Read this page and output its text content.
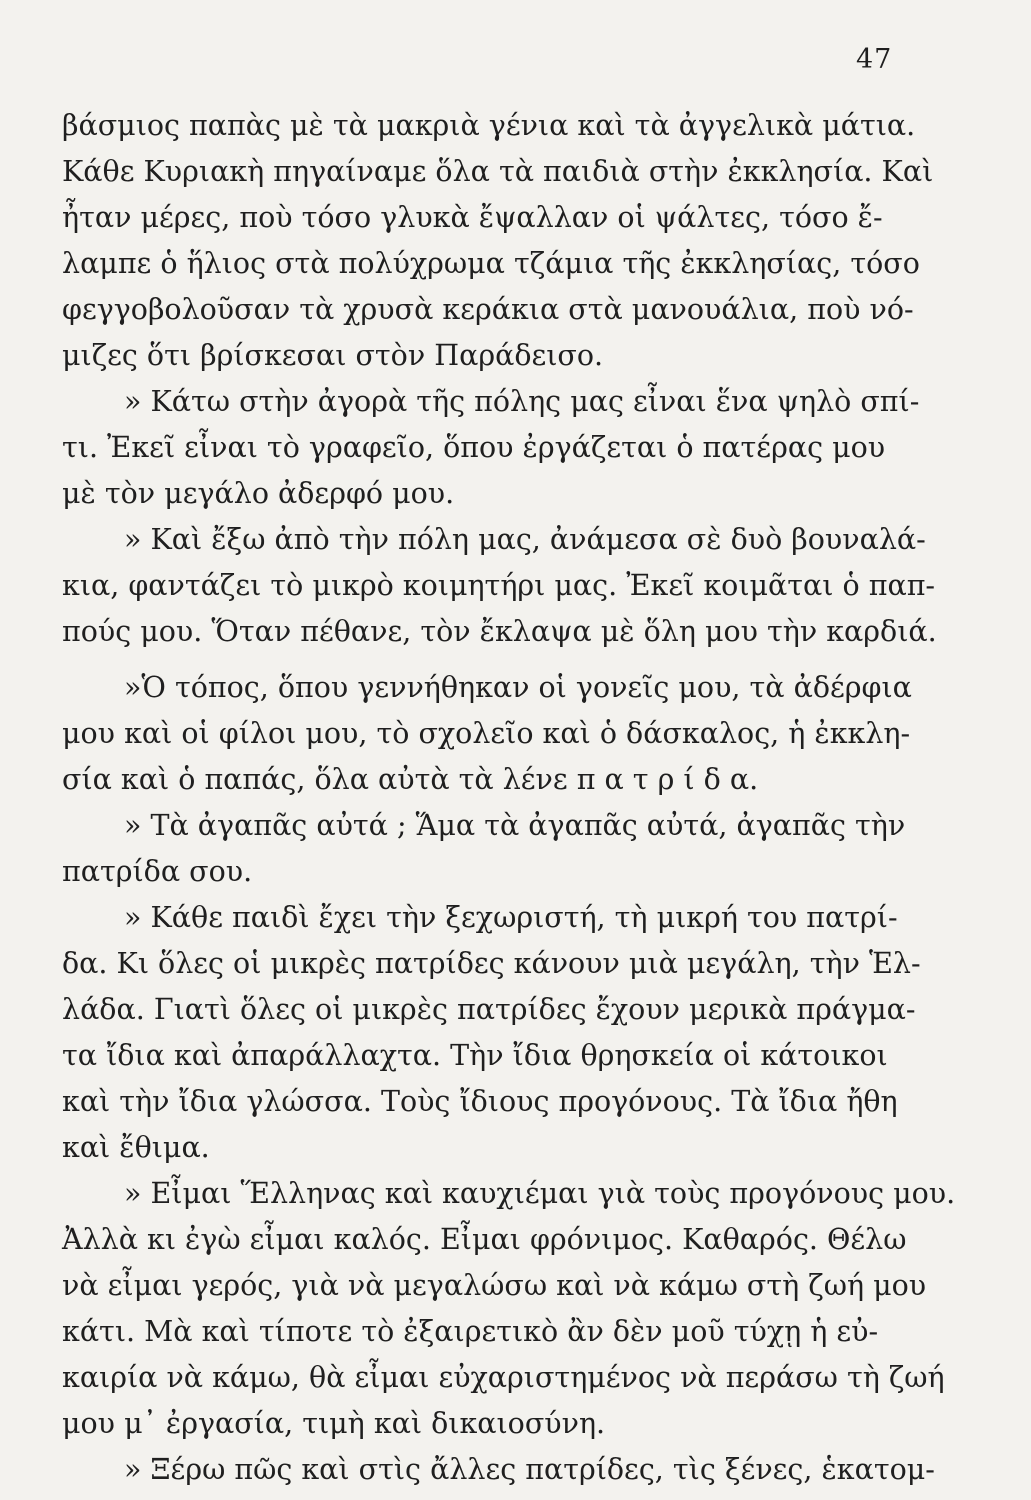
47
βάσμιος παπὰς μὲ τὰ μακριὰ γένια καὶ τὰ ἀγγελικὰ μάτια.
Κάθε Κυριακὴ πηγαίναμε ὅλα τὰ παιδιὰ στὴν ἐκκλησία. Καὶ
ἦταν μέρες, ποὺ τόσο γλυκὰ ἔψαλλαν οἱ ψάλτες, τόσο ἔ-
λαμπε ὁ ἥλιος στὰ πολύχρωμα τζάμια τῆς ἐκκλησίας, τόσο
φεγγοβολοῦσαν τὰ χρυσὰ κεράκια στὰ μανουάλια, ποὺ νό-
μιζες ὅτι βρίσκεσαι στὸν Παράδεισο.
» Κάτω στὴν ἀγορὰ τῆς πόλης μας εἶναι ἕνα ψηλὸ σπί-
τι. Ἐκεῖ εἶναι τὸ γραφεῖο, ὅπου ἐργάζεται ὁ πατέρας μου
μὲ τὸν μεγάλο ἀδερφό μου.
» Καὶ ἔξω ἀπὸ τὴν πόλη μας, ἀνάμεσα σὲ δυὸ βουναλά-
κια, φαντάζει τὸ μικρὸ κοιμητήρι μας. Ἐκεῖ κοιμᾶται ὁ παπ-
πούς μου. Ὅταν πέθανε, τὸν ἔκλαψα μὲ ὅλη μου τὴν καρδιά.
»Ὁ τόπος, ὅπου γεννήθηκαν οἱ γονεῖς μου, τὰ ἀδέρφια
μου καὶ οἱ φίλοι μου, τὸ σχολεῖο καὶ ὁ δάσκαλος, ἡ ἐκκλη-
σία καὶ ὁ παπάς, ὅλα αὐτὰ τὰ λένε π α τ ρ ί δ α.
» Τὰ ἀγαπᾶς αὐτά ; Ἅμα τὰ ἀγαπᾶς αὐτά, ἀγαπᾶς τὴν
πατρίδα σου.
» Κάθε παιδὶ ἔχει τὴν ξεχωριστή, τὴ μικρή του πατρί-
δα. Κι ὅλες οἱ μικρὲς πατρίδες κάνουν μιὰ μεγάλη, τὴν Ἑλ-
λάδα. Γιατὶ ὅλες οἱ μικρὲς πατρίδες ἔχουν μερικὰ πράγμα-
τα ἴδια καὶ ἀπαράλλαχτα. Τὴν ἴδια θρησκεία οἱ κάτοικοι
καὶ τὴν ἴδια γλώσσα. Τοὺς ἴδιους προγόνους. Τὰ ἴδια ἤθη
καὶ ἔθιμα.
» Εἶμαι Ἕλληνας καὶ καυχιέμαι γιὰ τοὺς προγόνους μου.
Ἀλλὰ κι ἐγὼ εἶμαι καλός. Εἶμαι φρόνιμος. Καθαρός. Θέλω
νὰ εἶμαι γερός, γιὰ νὰ μεγαλώσω καὶ νὰ κάμω στὴ ζωή μου
κάτι. Μὰ καὶ τίποτε τὸ ἐξαιρετικὸ ἂν δὲν μοῦ τύχῃ ἡ εὐ-
καιρία νὰ κάμω, θὰ εἶμαι εὐχαριστημένος νὰ περάσω τὴ ζωή
μου μ᾿ ἐργασία, τιμὴ καὶ δικαιοσύνη.
» Ξέρω πῶς καὶ στὶς ἄλλες πατρίδες, τὶς ξένες, ἑκατομ-
